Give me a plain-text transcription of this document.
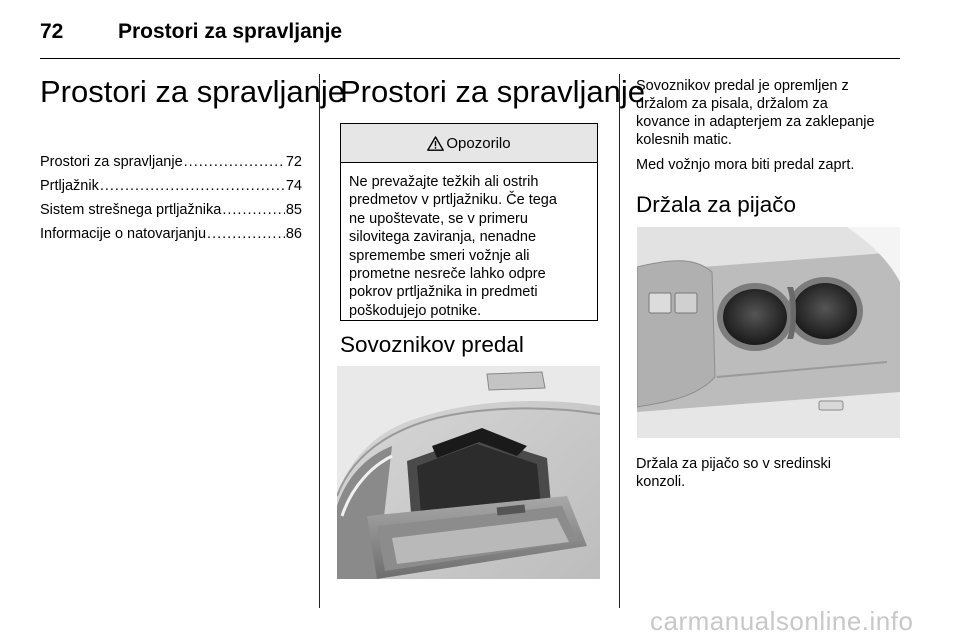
72	Prostori za spravljanje
Prostori za spravljanje
Prostori za spravljanje .....	72
Prtljažnik .....	74
Sistem strešnega prtljažnika .....	85
Informacije o natovarjanju .....	86
Prostori za spravljanje
Opozorilo
Ne prevažajte težkih ali ostrih
predmetov v prtljažniku. Če tega
ne upoštevate, se v primeru
silovitega zaviranja, nenadne
spremembe smeri vožnje ali
prometne nesreče lahko odpre
pokrov prtljažnika in predmeti
poškodujejo potnike.
Sovoznikov predal
Sovoznikov predal je opremljen z
držalom za pisala, držalom za
kovance in adapterjem za zaklepanje
kolesnih matic.
Med vožnjo mora biti predal zaprt.
Držala za pijačo
Držala za pijačo so v sredinski
konzoli.
carmanualsonline.info
